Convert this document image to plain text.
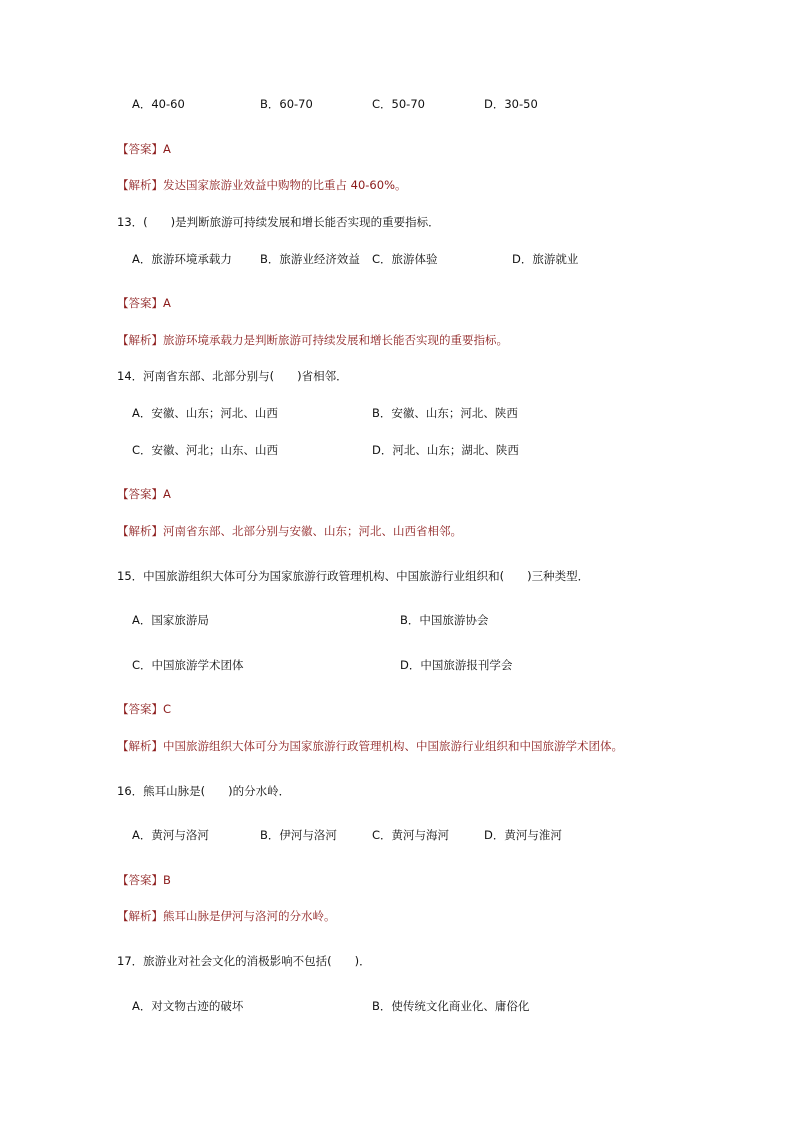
A．40-60	B．60-70	C．50-70	D．30-50
【答案】A
【解析】发达国家旅游业效益中购物的比重占 40-60%。
13．(　　)是判断旅游可持续发展和增长能否实现的重要指标．
A．旅游环境承载力 B．旅游业经济效益 C．旅游体验	D．旅游就业
【答案】A
【解析】旅游环境承载力是判断旅游可持续发展和增长能否实现的重要指标。
14．河南省东部、北部分别与(　　)省相邻．
A．安徽、山东；河北、山西	B．安徽、山东；河北、陕西
C．安徽、河北；山东、山西	D．河北、山东；湖北、陕西
【答案】A
【解析】河南省东部、北部分别与安徽、山东；河北、山西省相邻。
15．中国旅游组织大体可分为国家旅游行政管理机构、中国旅游行业组织和(　　)三种类型．
A．国家旅游局	B．中国旅游协会
C．中国旅游学术团体	D．中国旅游报刊学会
【答案】C
【解析】中国旅游组织大体可分为国家旅游行政管理机构、中国旅游行业组织和中国旅游学术团体。
16．熊耳山脉是(　　)的分水岭．
A．黄河与洛河	B．伊河与洛河	C．黄河与海河	D．黄河与淮河
【答案】B
【解析】熊耳山脉是伊河与洛河的分水岭。
17．旅游业对社会文化的消极影响不包括(　　)．
A．对文物古迹的破坏	B．使传统文化商业化、庸俗化
